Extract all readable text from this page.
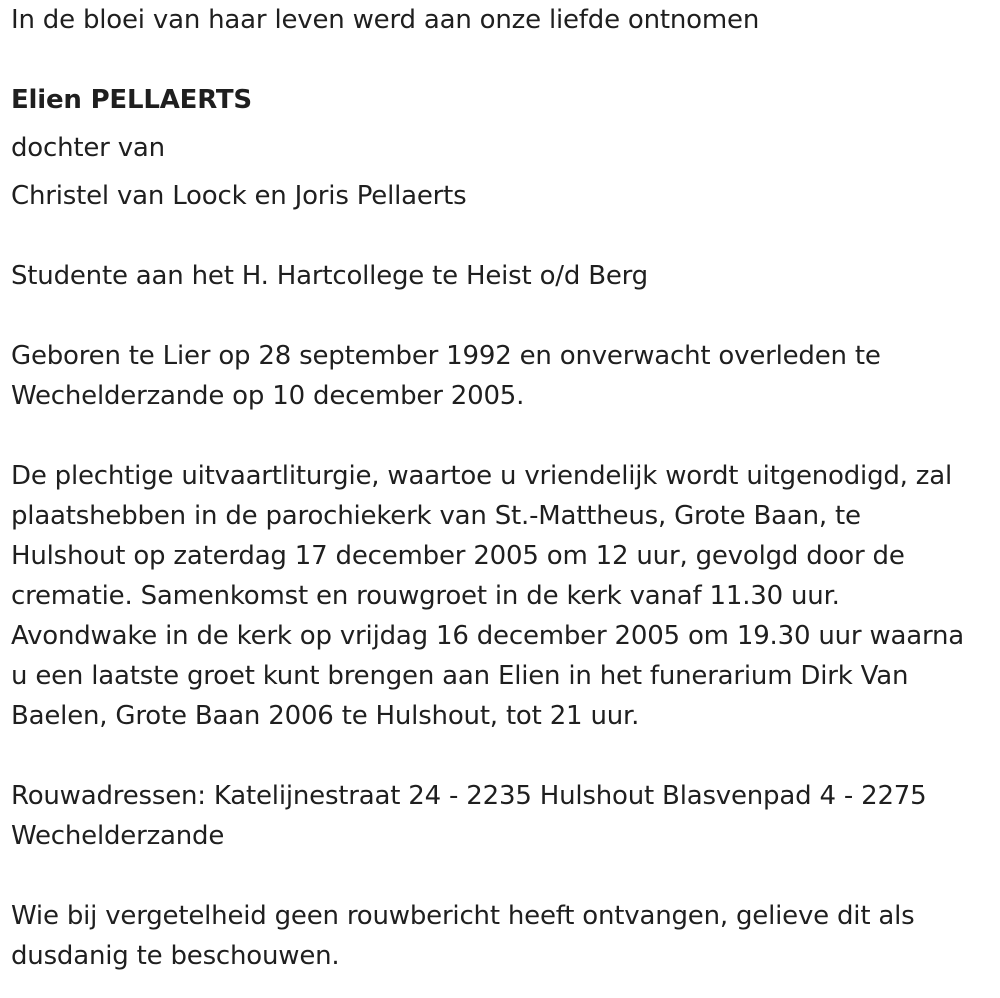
In de bloei van haar leven werd aan onze liefde ontnomen
Elien PELLAERTS
dochter van
Christel van Loock en Joris Pellaerts
Studente aan het H. Hartcollege te Heist o/d Berg
Geboren te Lier op 28 september 1992 en onverwacht overleden te Wechelderzande op 10 december 2005.
De plechtige uitvaartliturgie, waartoe u vriendelijk wordt uitgenodigd, zal
plaatshebben in de parochiekerk van St.-Mattheus, Grote Baan, te
Hulshout op zaterdag 17 december 2005 om 12 uur, gevolgd door de
crematie. Samenkomst en rouwgroet in de kerk vanaf 11.30 uur.
Avondwake in de kerk op vrijdag 16 december 2005 om 19.30 uur waarna
u een laatste groet kunt brengen aan Elien in het funerarium Dirk Van
Baelen, Grote Baan 2006 te Hulshout, tot 21 uur.
Rouwadressen: Katelijnestraat 24 - 2235 Hulshout Blasvenpad 4 - 2275
Wechelderzande
Wie bij vergetelheid geen rouwbericht heeft ontvangen, gelieve dit als
dusdanig te beschouwen.
